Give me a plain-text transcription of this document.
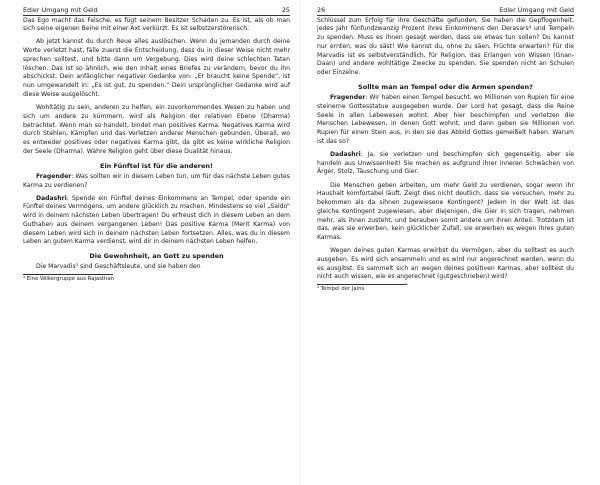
Edler Umgang mit Geld	25

Das Ego macht das Falsche; es fügt seinem Besitzer Schaden zu. Es ist, als ob man sich seine eigenen Beine mit einer Axt verkürzt. Es ist selbstzerstörerisch.

Ab jetzt kannst du durch Reue alles auslöschen. Wenn du jemanden durch deine Worte verletzt hast, fälle zuerst die Entscheidung, dass du in dieser Weise nicht mehr sprechen solltest, und bitte dann um Vergebung. Dies wird deine schlechten Taten löschen. Das ist so ähnlich, wie den Inhalt eines Briefes zu verändern, bevor du ihn abschickst. Dein anfänglicher negativer Gedanke von: „Er braucht keine Spende“, ist nun umgewandelt in: „Es ist gut, zu spenden.“ Dein ursprünglicher Gedanke wird auf diese Weise ausgelöscht.

Wohltätig zu sein, anderen zu helfen, ein zuvorkommendes Wesen zu haben und sich um andere zu kümmern, wird als Religion der relativen Ebene (Dharma) betrachtet. Wenn man so handelt, bindet man positives Karma. Negatives Karma wird durch Stehlen, Kämpfen und das Verletzen anderer Menschen gebunden. Überall, wo es entweder positives oder negatives Karma gibt, da gibt es keine wirkliche Religion der Seele (Dharma). Wahre Religion geht über diese Dualität hinaus.

Ein Fünftel ist für die anderen!

Fragender: Was sollten wir in diesem Leben tun, um für das nächste Leben gutes Karma zu verdienen?

Dadashri: Spende ein Fünftel deines Einkommens an Tempel, oder spende ein Fünftel deines Vermögens, um andere glücklich zu machen. Mindestens so viel „Saldo“ wird in deinem nächsten Leben übertragen! Du erfreust dich in diesem Leben an dem Guthaben aus deinem vergangenen Leben! Das positive Karma (Merit Karma) von diesem Leben wird sich in deinem nächsten Leben fortsetzen. Alles, was du in diesem Leben an gutem Karma verdienst, wird dir in deinem nächsten Leben helfen.

Die Gewohnheit, an Gott zu spenden

Die Marvadis³ sind Geschäftsleute, und sie haben den

³ Eine Völkergruppe aus Rajasthan
26	Edler Umgang mit Geld

Schlüssel zum Erfolg für ihre Geschäfte gefunden. Sie haben die Gepflogenheit, jedes Jahr fünfundzwanzig Prozent ihres Einkommens den Derasars⁴ und Tempeln zu spenden. Muss es ihnen gesagt werden, dass sie etwas tun sollen? Du kannst nur ernten, was du säst! Wie kannst du, ohne zu säen, Früchte erwarten? Für die Marvadis ist es selbstverständlich, für Religion, das Erlangen von Wissen (Gnan-Daan) und andere wohltätige Zwecke zu spenden. Sie spenden nicht an Schulen oder Einzelne.

Sollte man an Tempel oder die Armen spenden?

Fragender: Wir haben einen Tempel besucht, wo Millionen von Rupien für eine steinerne Gottesstatue ausgegeben wurde. Der Lord hat gesagt, dass die Reine Seele in allen Lebewesen wohnt. Aber hier beschimpfen und verletzen die Menschen Lebewesen, in denen Gott wohnt, und dann geben sie Millionen von Rupien für einen Stein aus, in den sie das Abbild Gottes gemeißelt haben. Warum ist das so?

Dadashri: Ja, sie verletzen und beschimpfen sich gegenseitig, aber sie handeln aus Unwissenheit! Sie machen es aufgrund ihrer inneren Schwächen von Ärger, Stolz, Täuschung und Gier.

Die Menschen geben arbeiten, um mehr Geld zu verdienen, sogar wenn ihr Haushalt komfortabel läuft. Zeigt dies nicht deutlich, dass sie versuchen, mehr zu bekommen als da sihnen zugewiesene Kontingent? Jedem in der Welt ist das gleiche Kontingent zugewiesen, aber diejenigen, die Gier in sich tragen, nehmen mehr, als ihnen zusteht, und berauben somit andere um ihren Anteil. Trotzdem ist das, was sie erwerben, kein glücklicher Zufall, sie erwerben es wegen ihres guten Karmas.

Wegen deines guten Karmas erwirbst du Vermögen, aber du solltest es auch ausgeben. Es wird sich ansammeln und es wird nur angerechnet werden, wenn du es ausgibst. Es sammelt sich an wegen deines positiven Karmas, aber solltest du nicht auch wissen, wie es angerechnet (gutgeschrieben) wird?

⁴ Tempel der Jains
